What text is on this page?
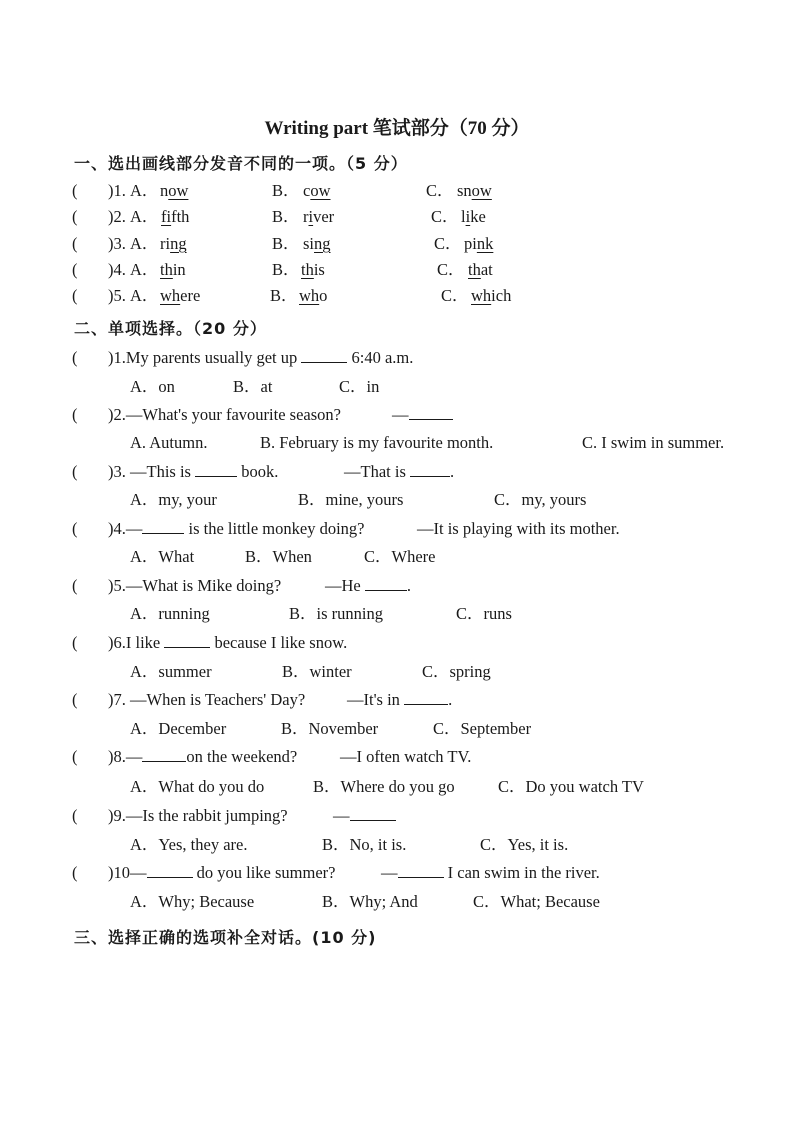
Writing part 笔试部分（70 分）
一、选出画线部分发音不同的一项。（5 分）
( )1. A． now	B． cow	C． snow
( )2. A． fifth	B． river	C． like
( )3. A． ring	B． sing	C． pink
( )4. A． thin	B． this	C． that
( )5. A． where	B． who	C． which
二、单项选择。（20 分）
( )1.My parents usually get up	6:40 a.m.
A．on	B．at	C．in
( )2.—What's your favourite season?	—
A. Autumn.	B. February is my favourite month.	C. I swim in summer.
( )3. —This is	book.	—That is .
A．my, your	B．mine, yours	C．my, yours
( )4.—	is the little monkey doing?	—It is playing with its mother.
A．What	B．When	C．Where
( )5.—What is Mike doing?	—He	.
A．running	B．is running	C．runs
( )6.I like	because I like snow.
A．summer	B．winter	C．spring
( )7. —When is Teachers' Day?	—It's in	.
A．December	B．November	C．September
( )8.—	on the weekend?	—I often watch TV.
A．What do you do	B．Where do you go	C．Do you watch TV
( )9.—Is the rabbit jumping?	—
A．Yes, they are.	B．No, it is.	C．Yes, it is.
( )10—	do you like summer?	—	I can swim in the river.
A．Why; Because	B．Why; And	C．What; Because
三、选择正确的选项补全对话。(10 分)
